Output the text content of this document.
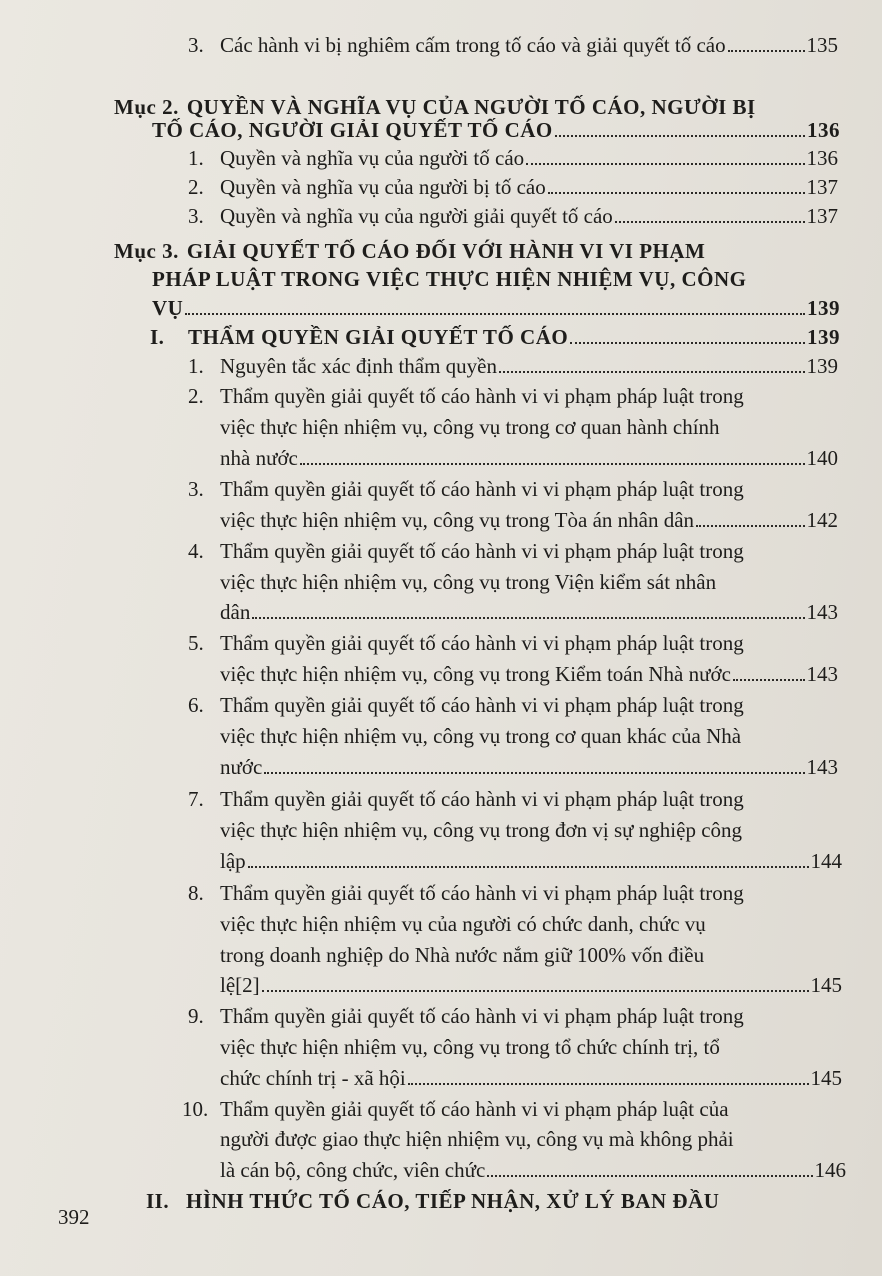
3. Các hành vi bị nghiêm cấm trong tố cáo và giải quyết tố cáo	135
Mục 2. QUYỀN VÀ NGHĨA VỤ CỦA NGƯỜI TỐ CÁO, NGƯỜI BỊ
TỐ CÁO, NGƯỜI GIẢI QUYẾT TỐ CÁO	136
1. Quyền và nghĩa vụ của người tố cáo	136
2. Quyền và nghĩa vụ của người bị tố cáo	137
3. Quyền và nghĩa vụ của người giải quyết tố cáo	137
Mục 3. GIẢI QUYẾT TỐ CÁO ĐỐI VỚI HÀNH VI VI PHẠM
PHÁP LUẬT TRONG VIỆC THỰC HIỆN NHIỆM VỤ, CÔNG
VỤ	139
I.	THẨM QUYỀN GIẢI QUYẾT TỐ CÁO	139
1. Nguyên tắc xác định thẩm quyền	139
2. Thẩm quyền giải quyết tố cáo hành vi vi phạm pháp luật trong
việc thực hiện nhiệm vụ, công vụ trong cơ quan hành chính
nhà nước	140
3. Thẩm quyền giải quyết tố cáo hành vi vi phạm pháp luật trong
việc thực hiện nhiệm vụ, công vụ trong Tòa án nhân dân	142
4. Thẩm quyền giải quyết tố cáo hành vi vi phạm pháp luật trong
việc thực hiện nhiệm vụ, công vụ trong Viện kiểm sát nhân
dân	143
5. Thẩm quyền giải quyết tố cáo hành vi vi phạm pháp luật trong
việc thực hiện nhiệm vụ, công vụ trong Kiểm toán Nhà nước	143
6. Thẩm quyền giải quyết tố cáo hành vi vi phạm pháp luật trong
việc thực hiện nhiệm vụ, công vụ trong cơ quan khác của Nhà
nước	143
7. Thẩm quyền giải quyết tố cáo hành vi vi phạm pháp luật trong
việc thực hiện nhiệm vụ, công vụ trong đơn vị sự nghiệp công
lập	144
8. Thẩm quyền giải quyết tố cáo hành vi vi phạm pháp luật trong
việc thực hiện nhiệm vụ của người có chức danh, chức vụ
trong doanh nghiệp do Nhà nước nắm giữ 100% vốn điều
lệ[2]	145
9. Thẩm quyền giải quyết tố cáo hành vi vi phạm pháp luật trong
việc thực hiện nhiệm vụ, công vụ trong tổ chức chính trị, tổ
chức chính trị - xã hội	145
10. Thẩm quyền giải quyết tố cáo hành vi vi phạm pháp luật của
người được giao thực hiện nhiệm vụ, công vụ mà không phải
là cán bộ, công chức, viên chức	146
II. HÌNH THỨC TỐ CÁO, TIẾP NHẬN, XỬ LÝ BAN ĐẦU
392
